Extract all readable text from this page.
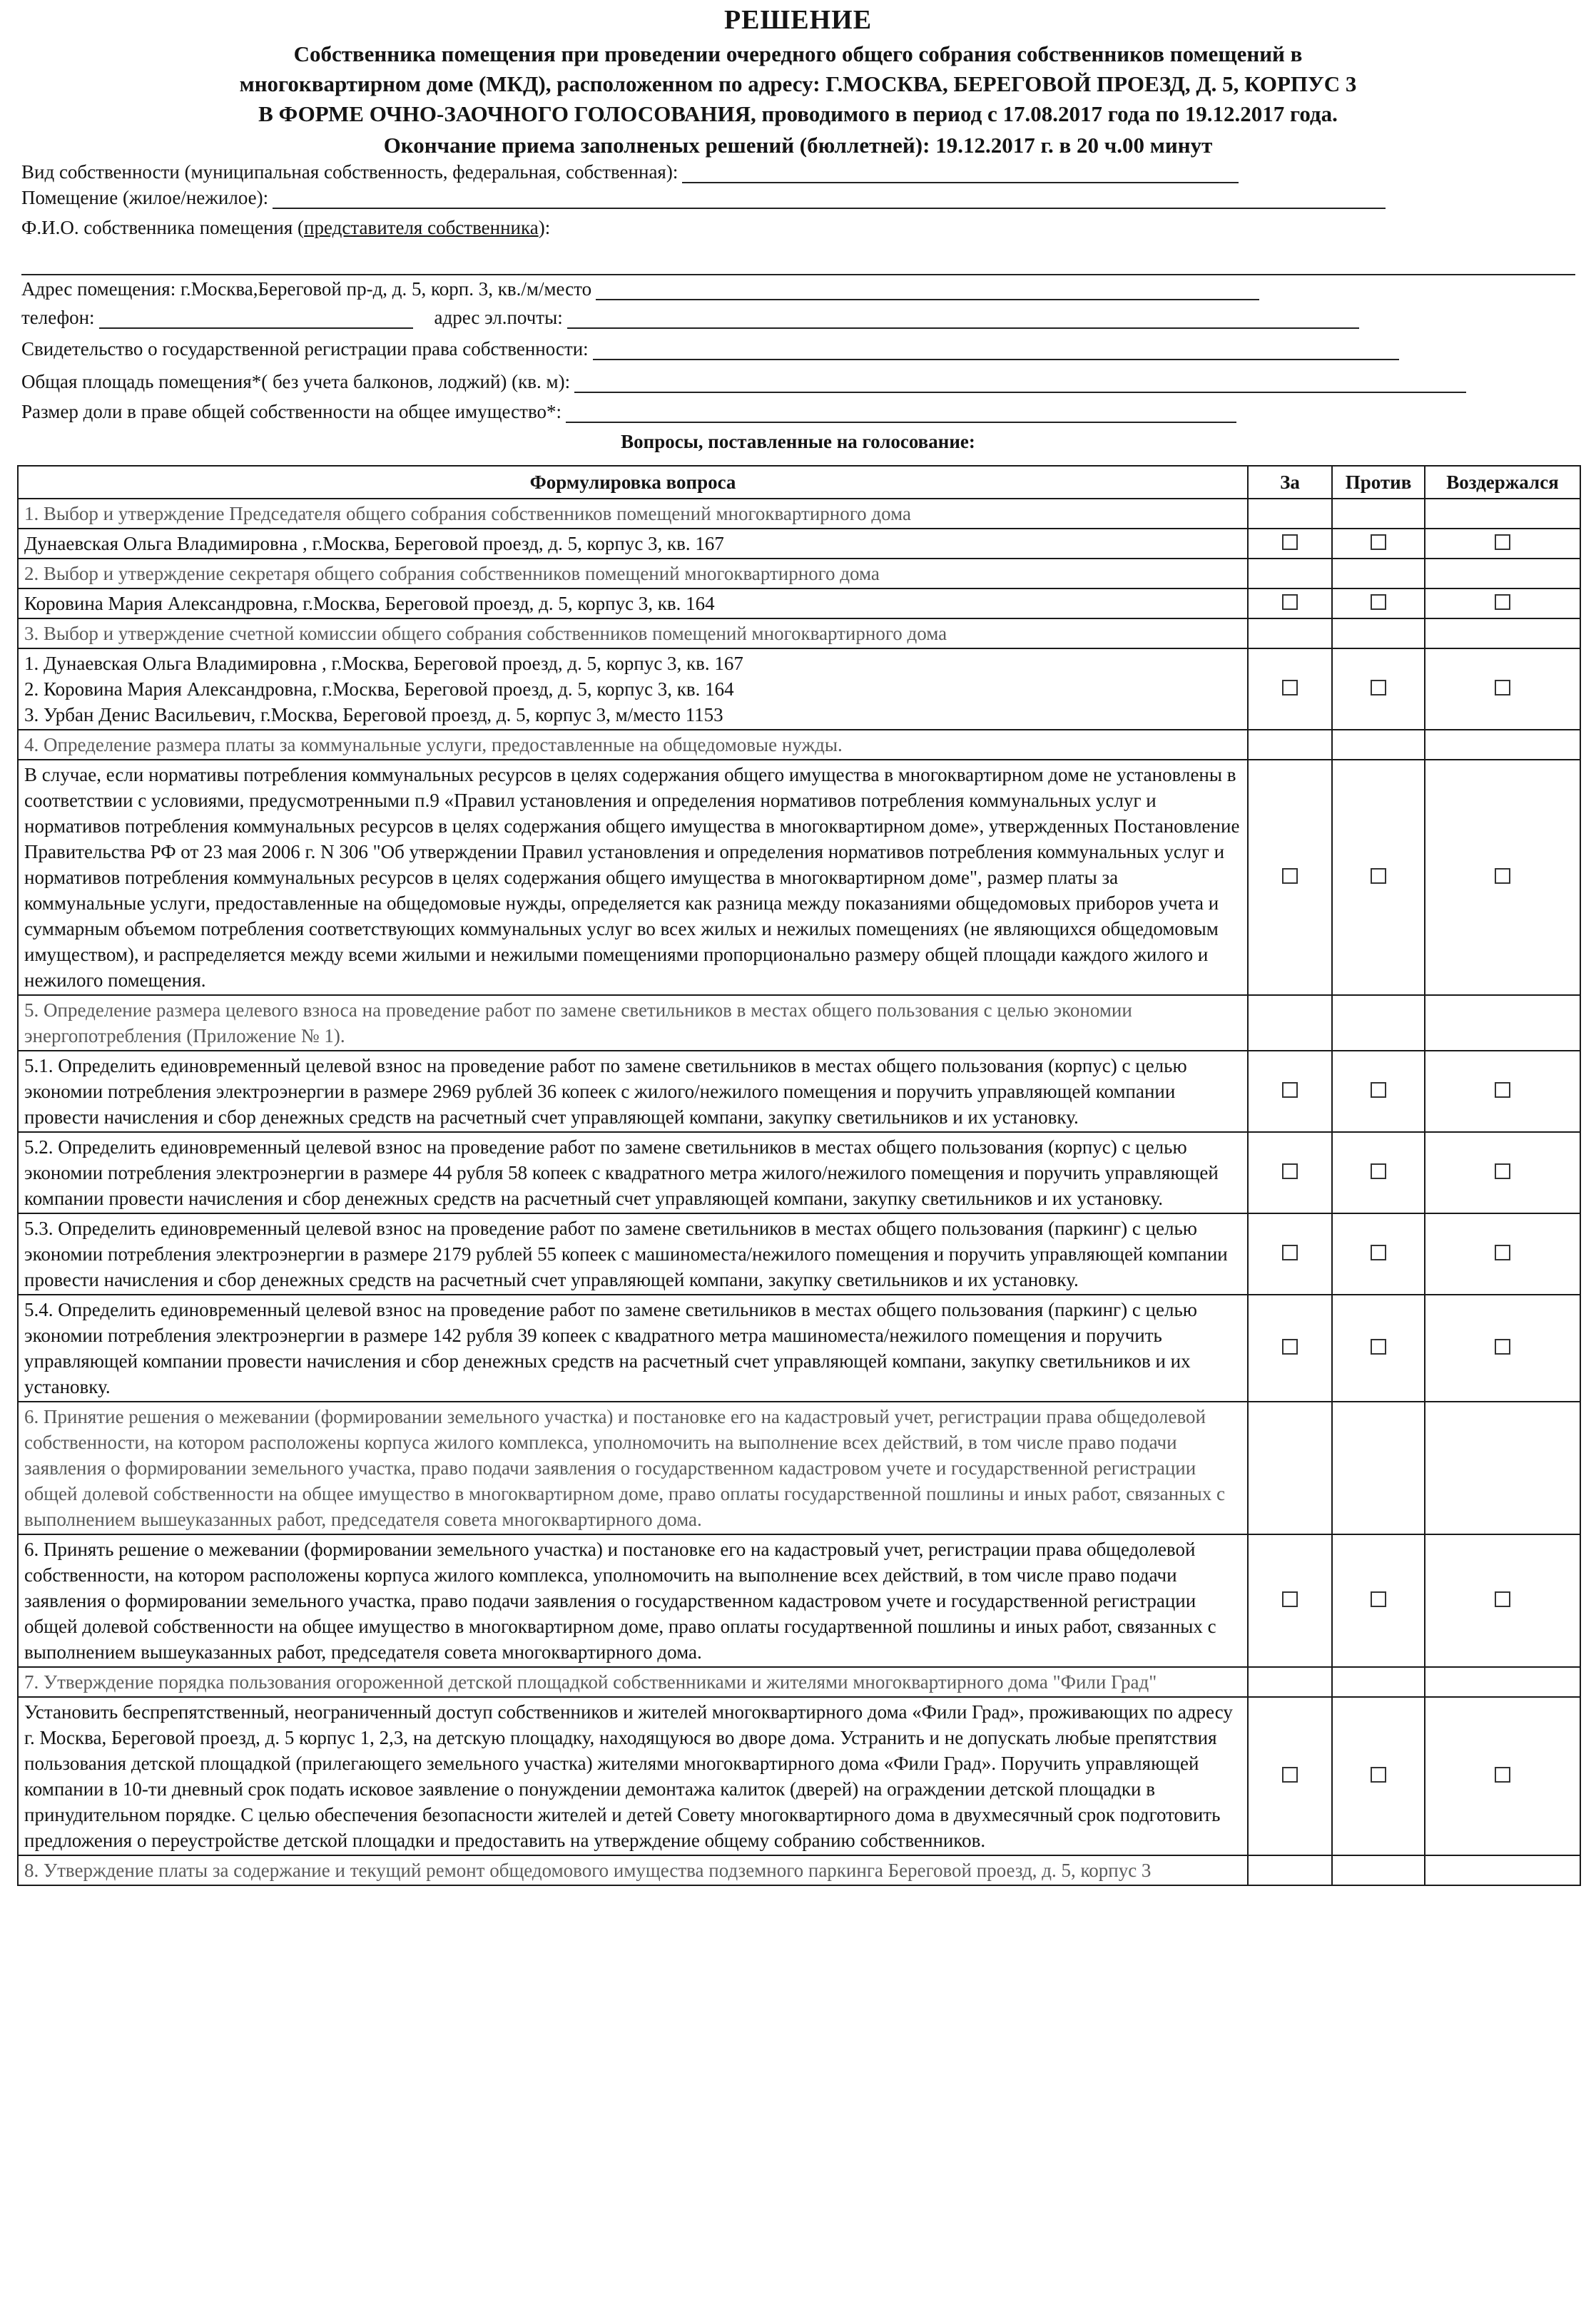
РЕШЕНИЕ
Собственника помещения при проведении очередного общего собрания собственников помещений в
многоквартирном доме (МКД), расположенном по адресу: Г.МОСКВА, БЕРЕГОВОЙ ПРОЕЗД, Д. 5, КОРПУС 3
В ФОРМЕ ОЧНО-ЗАОЧНОГО ГОЛОСОВАНИЯ, проводимого в период с 17.08.2017 года по 19.12.2017 года.
Окончание приема заполненых решений (бюллетней): 19.12.2017 г. в 20 ч.00 минут
Вид собственности (муниципальная собственность, федеральная, собственная):
Помещение (жилое/нежилое):
Ф.И.О. собственника помещения ( представителя собственника ):
Адрес помещения: г.Москва,Береговой пр-д, д. 5, корп. 3, кв./м/место
телефон:	адрес эл.почты:
Свидетельство о государственной регистрации права собственности:
Общая площадь помещения*( без учета балконов, лоджий) (кв. м):
Размер доли в праве общей собственности на общее имущество*:
Вопросы, поставленные на голосование:
Формулировка вопроса	За	Против	Воздержался
1. Выбор и утверждение Председателя общего собрания собственников помещений многоквартирного дома			
Дунаевская Ольга Владимировна , г.Москва, Береговой проезд, д. 5, корпус 3, кв. 167			
2. Выбор и утверждение секретаря общего собрания собственников помещений многоквартирного дома			
Коровина Мария Александровна, г.Москва, Береговой проезд, д. 5, корпус 3, кв. 164			
3. Выбор и утверждение счетной комиссии общего собрания собственников помещений многоквартирного дома			

1. Дунаевская Ольга Владимировна , г.Москва, Береговой проезд, д. 5, корпус 3, кв. 167
2. Коровина Мария Александровна, г.Москва, Береговой проезд, д. 5, корпус 3, кв. 164
3. Урбан Денис Васильевич, г.Москва, Береговой проезд, д. 5, корпус 3, м/место 1153			

4. Определение размера платы за коммунальные услуги, предоставленные на общедомовые нужды.			
В случае, если нормативы потребления коммунальных ресурсов в целях содержания общего имущества в многоквартирном доме не установлены в соответствии с условиями, предусмотренными п.9 «Правил установления и определения нормативов потребления коммунальных услуг и нормативов потребления коммунальных ресурсов в целях содержания общего имущества в многоквартирном доме», утвержденных Постановление Правительства РФ от 23 мая 2006 г. N 306 "Об утверждении Правил установления и определения нормативов потребления коммунальных услуг и нормативов потребления коммунальных ресурсов в целях содержания общего имущества в многоквартирном доме", размер платы за коммунальные услуги, предоставленные на общедомовые нужды, определяется как разница между показаниями общедомовых приборов учета и суммарным объемом потребления соответствующих коммунальных услуг во всех жилых и нежилых помещениях (не являющихся общедомовым имуществом), и распределяется между всеми жилыми и нежилыми помещениями пропорционально размеру общей площади каждого жилого и нежилого помещения.			
5. Определение размера целевого взноса на проведение работ по замене светильников в местах общего пользования с целью экономии энергопотребления (Приложение № 1).			
5.1. Определить единовременный целевой взнос на проведение работ по замене светильников в местах общего пользования (корпус) с целью экономии потребления электроэнергии в размере 2969 рублей 36 копеек с жилого/нежилого помещения и поручить управляющей компании провести начисления и сбор денежных средств на расчетный счет управляющей компани, закупку светильников и их установку.			
5.2. Определить единовременный целевой взнос на проведение работ по замене светильников в местах общего пользования (корпус) с целью экономии потребления электроэнергии в размере 44 рубля 58 копеек с квадратного метра жилого/нежилого помещения и поручить управляющей компании провести начисления и сбор денежных средств на расчетный счет управляющей компани, закупку светильников и их установку.			
5.3. Определить единовременный целевой взнос на проведение работ по замене светильников в местах общего пользования (паркинг) с целью экономии потребления электроэнергии в размере 2179 рублей 55 копеек с машиноместа/нежилого помещения и поручить управляющей компании провести начисления и сбор денежных средств на расчетный счет управляющей компани, закупку светильников и их установку.			
5.4. Определить единовременный целевой взнос на проведение работ по замене светильников в местах общего пользования (паркинг) с целью экономии потребления электроэнергии в размере 142 рубля 39 копеек с квадратного метра машиноместа/нежилого помещения и поручить управляющей компании провести начисления и сбор денежных средств на расчетный счет управляющей компани, закупку светильников и их установку.			
6. Принятие решения о межевании (формировании земельного участка) и постановке его на кадастровый учет, регистрации права общедолевой собственности, на котором расположены корпуса жилого комплекса, уполномочить на выполнение всех действий, в том числе право подачи заявления о формировании земельного участка, право подачи заявления о государственном кадастровом учете и государственной регистрации общей долевой собственности на общее имущество в многоквартирном доме, право оплаты государственной пошлины и иных работ, связанных с выполнением вышеуказанных работ, председателя совета многоквартирного дома.			
6. Принять решение о межевании (формировании земельного участка) и постановке его на кадастровый учет, регистрации права общедолевой собственности, на котором расположены корпуса жилого комплекса, уполномочить на выполнение всех действий, в том числе право подачи заявления о формировании земельного участка, право подачи заявления о государственном кадастровом учете и государственной регистрации общей долевой собственности на общее имущество в многоквартирном доме, право оплаты государтвенной пошлины и иных работ, связанных с выполнением вышеуказанных работ, председателя совета многоквартирного дома.			
7. Утверждение порядка пользования огороженной детской площадкой собственниками и жителями многоквартирного дома "Фили Град"			
Установить беспрепятственный, неограниченный доступ собственников и жителей многоквартирного дома «Фили Град», проживающих по адресу г. Москва, Береговой проезд, д. 5 корпус 1, 2,3, на детскую площадку, находящуюся во дворе дома. Устранить и не допускать любые препятствия пользования детской площадкой (прилегающего земельного участка) жителями многоквартирного дома «Фили Град». Поручить управляющей компании в 10-ти дневный срок подать исковое заявление о понуждении демонтажа калиток (дверей) на ограждении детской площадки в принудительном порядке. С целью обеспечения безопасности жителей и детей Совету многоквартирного дома в двухмесячный срок подготовить предложения о переустройстве детской площадки и предоставить на утверждение общему собранию собственников.			
8. Утверждение платы за содержание и текущий ремонт общедомового имущества подземного паркинга Береговой проезд, д. 5, корпус 3			
